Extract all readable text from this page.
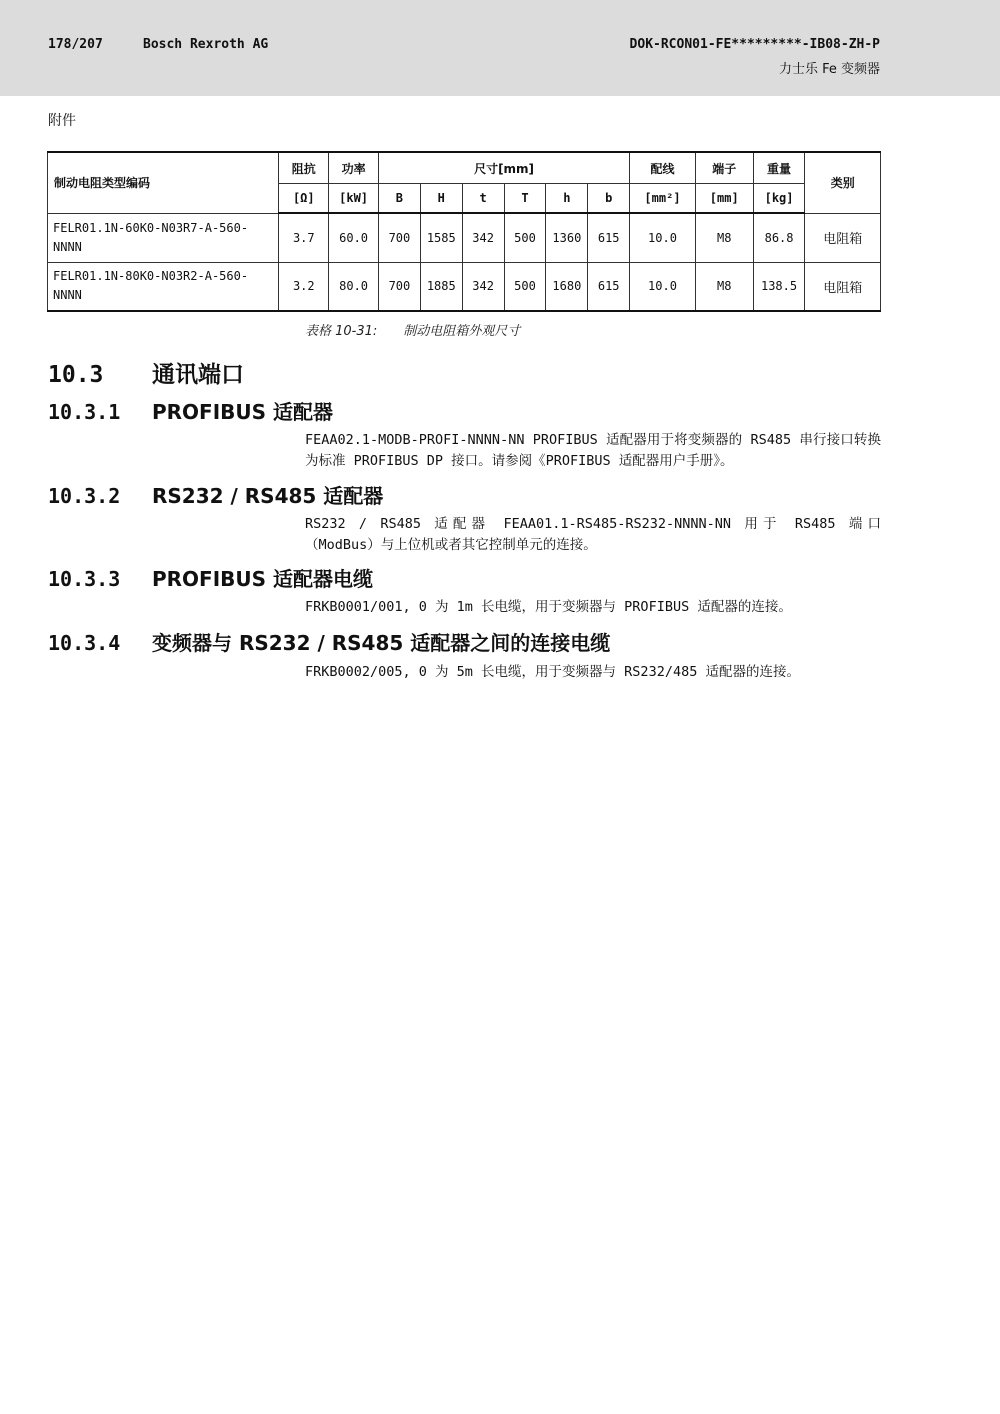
178/207	Bosch Rexroth AG	DOK-RCON01-FE*********-IB08-ZH-P
力士乐 Fe 变频器
附件
制动电阻类型编码	阻抗	功率	尺寸[mm]						配线	端子	重量	类别
	[Ω]	[kW]	B	H	t	T	h	b	[mm²]	[mm]	[kg]	
FELR01.1N-60K0-N03R7-A-560-
NNNN	3.7	60.0	700	1585	342	500	1360	615	10.0	M8	86.8	电阻箱
FELR01.1N-80K0-N03R2-A-560-
NNNN	3.2	80.0	700	1885	342	500	1680	615	10.0	M8	138.5	电阻箱
表格 10-31: 制动电阻箱外观尺寸
10.3 通讯端口
10.3.1 PROFIBUS 适配器
FEAA02.1-MODB-PROFI-NNNN-NN PROFIBUS 适配器用于将变频器的 RS485 串行接口转换为标准 PROFIBUS DP 接口。请参阅《PROFIBUS 适配器用户手册》。
10.3.2 RS232 / RS485 适配器
RS232 / RS485 适配器 FEAA01.1-RS485-RS232-NNNN-NN 用于 RS485 端口（ModBus）与上位机或者其它控制单元的连接。
10.3.3 PROFIBUS 适配器电缆
FRKB0001/001, 0 为 1m 长电缆，用于变频器与 PROFIBUS 适配器的连接。
10.3.4 变频器与 RS232 / RS485 适配器之间的连接电缆
FRKB0002/005, 0 为 5m 长电缆，用于变频器与 RS232/485 适配器的连接。
